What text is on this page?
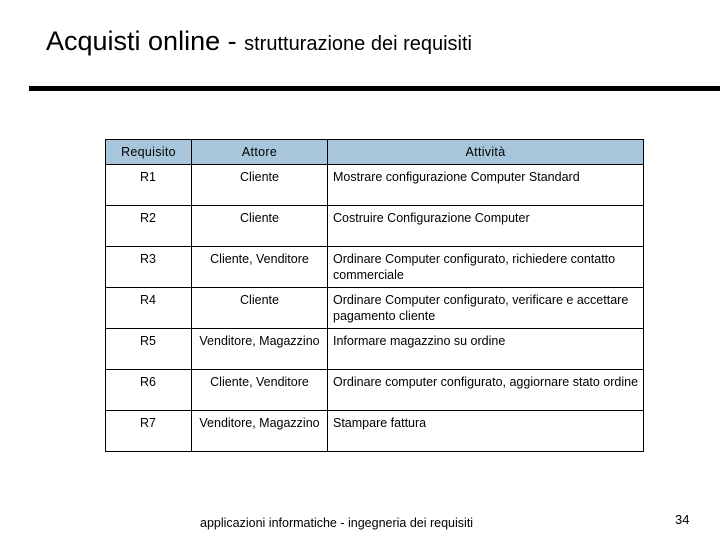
Acquisti online - strutturazione dei requisiti
Requisito	Attore	Attività

R1	Cliente	Mostrare configurazione Computer Standard

R2	Cliente	Costruire Configurazione Computer

R3	Cliente, Venditore	Ordinare Computer configurato, richiedere contatto commerciale

R4	Cliente	Ordinare Computer configurato, verificare e accettare pagamento cliente

R5	Venditore, Magazzino	Informare magazzino su ordine

R6	Cliente, Venditore	Ordinare computer configurato, aggiornare stato ordine

R7	Venditore, Magazzino	Stampare fattura
applicazioni informatiche - ingegneria dei requisiti	34
